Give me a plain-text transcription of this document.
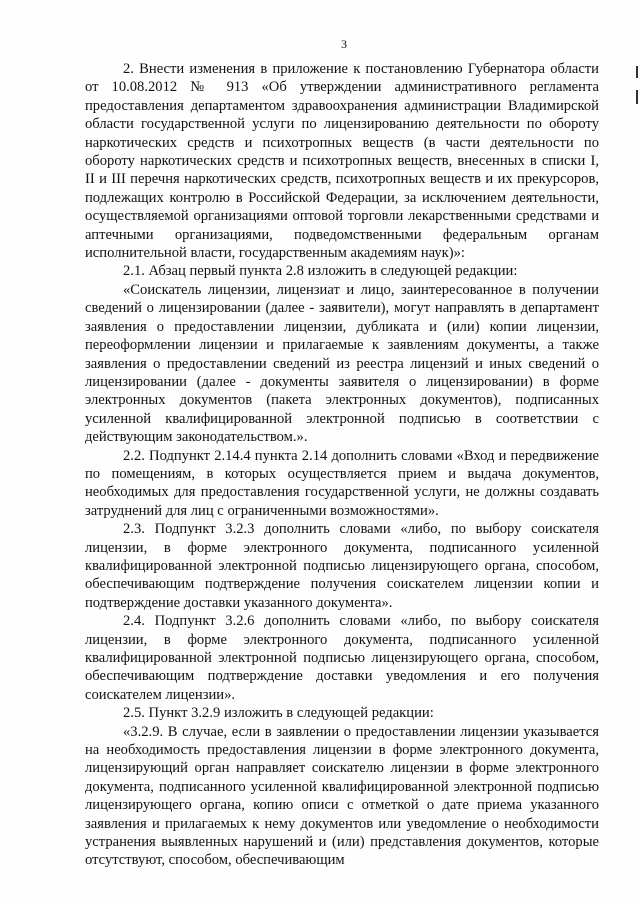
3

2. Внести изменения в приложение к постановлению Губернатора области от 10.08.2012 № 913 «Об утверждении административного регламента предоставления департаментом здравоохранения администрации Владимирской области государственной услуги по лицензированию деятельности по обороту наркотических средств и психотропных веществ (в части деятельности по обороту наркотических средств и психотропных веществ, внесенных в списки I, II и III перечня наркотических средств, психотропных веществ и их прекурсоров, подлежащих контролю в Российской Федерации, за исключением деятельности, осуществляемой организациями оптовой торговли лекарственными средствами и аптечными организациями, подведомственными федеральным органам исполнительной власти, государственным академиям наук)»:

2.1. Абзац первый пункта 2.8 изложить в следующей редакции:

«Соискатель лицензии, лицензиат и лицо, заинтересованное в получении сведений о лицензировании (далее - заявители), могут направлять в департамент заявления о предоставлении лицензии, дубликата и (или) копии лицензии, переоформлении лицензии и прилагаемые к заявлениям документы, а также заявления о предоставлении сведений из реестра лицензий и иных сведений о лицензировании (далее - документы заявителя о лицензировании) в форме электронных документов (пакета электронных документов), подписанных усиленной квалифицированной электронной подписью в соответствии с действующим законодательством.».

2.2. Подпункт 2.14.4 пункта 2.14 дополнить словами «Вход и передвижение по помещениям, в которых осуществляется прием и выдача документов, необходимых для предоставления государственной услуги, не должны создавать затруднений для лиц с ограниченными возможностями».

2.3. Подпункт 3.2.3 дополнить словами «либо, по выбору соискателя лицензии, в форме электронного документа, подписанного усиленной квалифицированной электронной подписью лицензирующего органа, способом, обеспечивающим подтверждение получения соискателем лицензии копии и подтверждение доставки указанного документа».

2.4. Подпункт 3.2.6 дополнить словами «либо, по выбору соискателя лицензии, в форме электронного документа, подписанного усиленной квалифицированной электронной подписью лицензирующего органа, способом, обеспечивающим подтверждение доставки уведомления и его получения соискателем лицензии».

2.5. Пункт 3.2.9 изложить в следующей редакции:

«3.2.9. В случае, если в заявлении о предоставлении лицензии указывается на необходимость предоставления лицензии в форме электронного документа, лицензирующий орган направляет соискателю лицензии в форме электронного документа, подписанного усиленной квалифицированной электронной подписью лицензирующего органа, копию описи с отметкой о дате приема указанного заявления и прилагаемых к нему документов или уведомление о необходимости устранения выявленных нарушений и (или) представления документов, которые отсутствуют, способом, обеспечивающим
